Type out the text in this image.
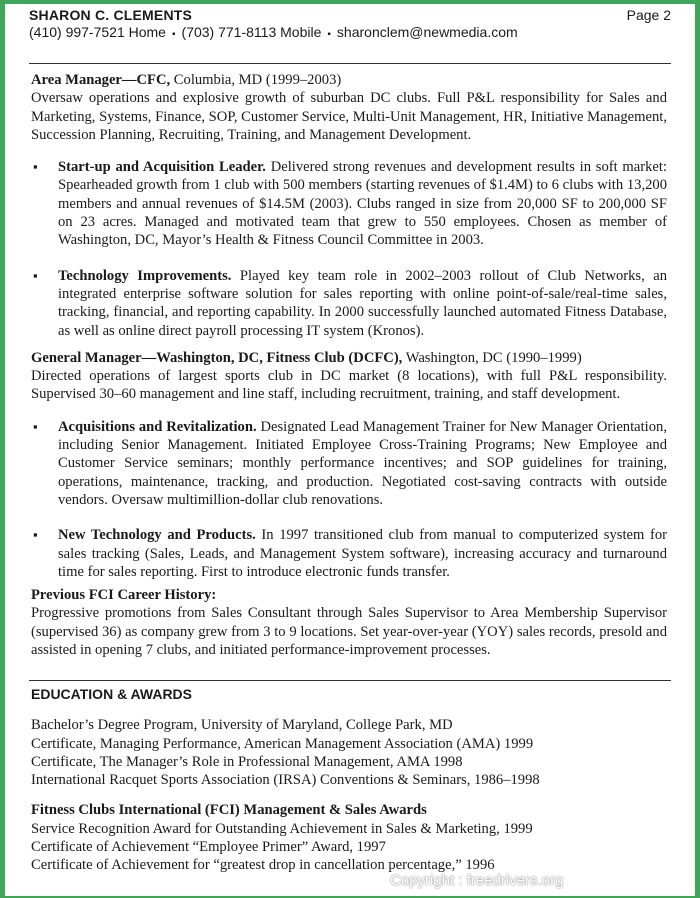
SHARON C. CLEMENTS	Page 2
(410) 997-7521 Home ▪ (703) 771-8113 Mobile ▪ sharonclem@newmedia.com

Area Manager—CFC, Columbia, MD (1999–2003)

Oversaw operations and explosive growth of suburban DC clubs. Full P&L responsibility for Sales and Marketing, Systems, Finance, SOP, Customer Service, Multi-Unit Management, HR, Initiative Management, Succession Planning, Recruiting, Training, and Management Development.

▪ Start-up and Acquisition Leader. Delivered strong revenues and development results in soft market: Spearheaded growth from 1 club with 500 members (starting revenues of $1.4M) to 6 clubs with 13,200 members and annual revenues of $14.5M (2003). Clubs ranged in size from 20,000 SF to 200,000 SF on 23 acres. Managed and motivated team that grew to 550 employees. Chosen as member of Washington, DC, Mayor’s Health & Fitness Council Committee in 2003.
▪ Technology Improvements. Played key team role in 2002–2003 rollout of Club Networks, an integrated enterprise software solution for sales reporting with online point-of-sale/real-time sales, tracking, financial, and reporting capability. In 2000 successfully launched automated Fitness Database, as well as online direct payroll processing IT system (Kronos).

General Manager—Washington, DC, Fitness Club (DCFC), Washington, DC (1990–1999)

Directed operations of largest sports club in DC market (8 locations), with full P&L responsibility. Supervised 30–60 management and line staff, including recruitment, training, and staff development.

▪ Acquisitions and Revitalization. Designated Lead Management Trainer for New Manager Orientation, including Senior Management. Initiated Employee Cross-Training Programs; New Employee and Customer Service seminars; monthly performance incentives; and SOP guidelines for training, operations, maintenance, tracking, and production. Negotiated cost-saving contracts with outside vendors. Oversaw multimillion-dollar club renovations.
▪ New Technology and Products. In 1997 transitioned club from manual to computerized system for sales tracking (Sales, Leads, and Management System software), increasing accuracy and turnaround time for sales reporting. First to introduce electronic funds transfer.

Previous FCI Career History:

Progressive promotions from Sales Consultant through Sales Supervisor to Area Membership Supervisor (supervised 36) as company grew from 3 to 9 locations. Set year-over-year (YOY) sales records, presold and assisted in opening 7 clubs, and initiated performance-improvement processes.

EDUCATION & AWARDS

Bachelor’s Degree Program, University of Maryland, College Park, MD

Certificate, Managing Performance, American Management Association (AMA) 1999

Certificate, The Manager’s Role in Professional Management, AMA 1998

International Racquet Sports Association (IRSA) Conventions & Seminars, 1986–1998

Fitness Clubs International (FCI) Management & Sales Awards

Service Recognition Award for Outstanding Achievement in Sales & Marketing, 1999

Certificate of Achievement “Employee Primer” Award, 1997

Certificate of Achievement for “greatest drop in cancellation percentage,” 1996

Copyright : freedrivers.org
